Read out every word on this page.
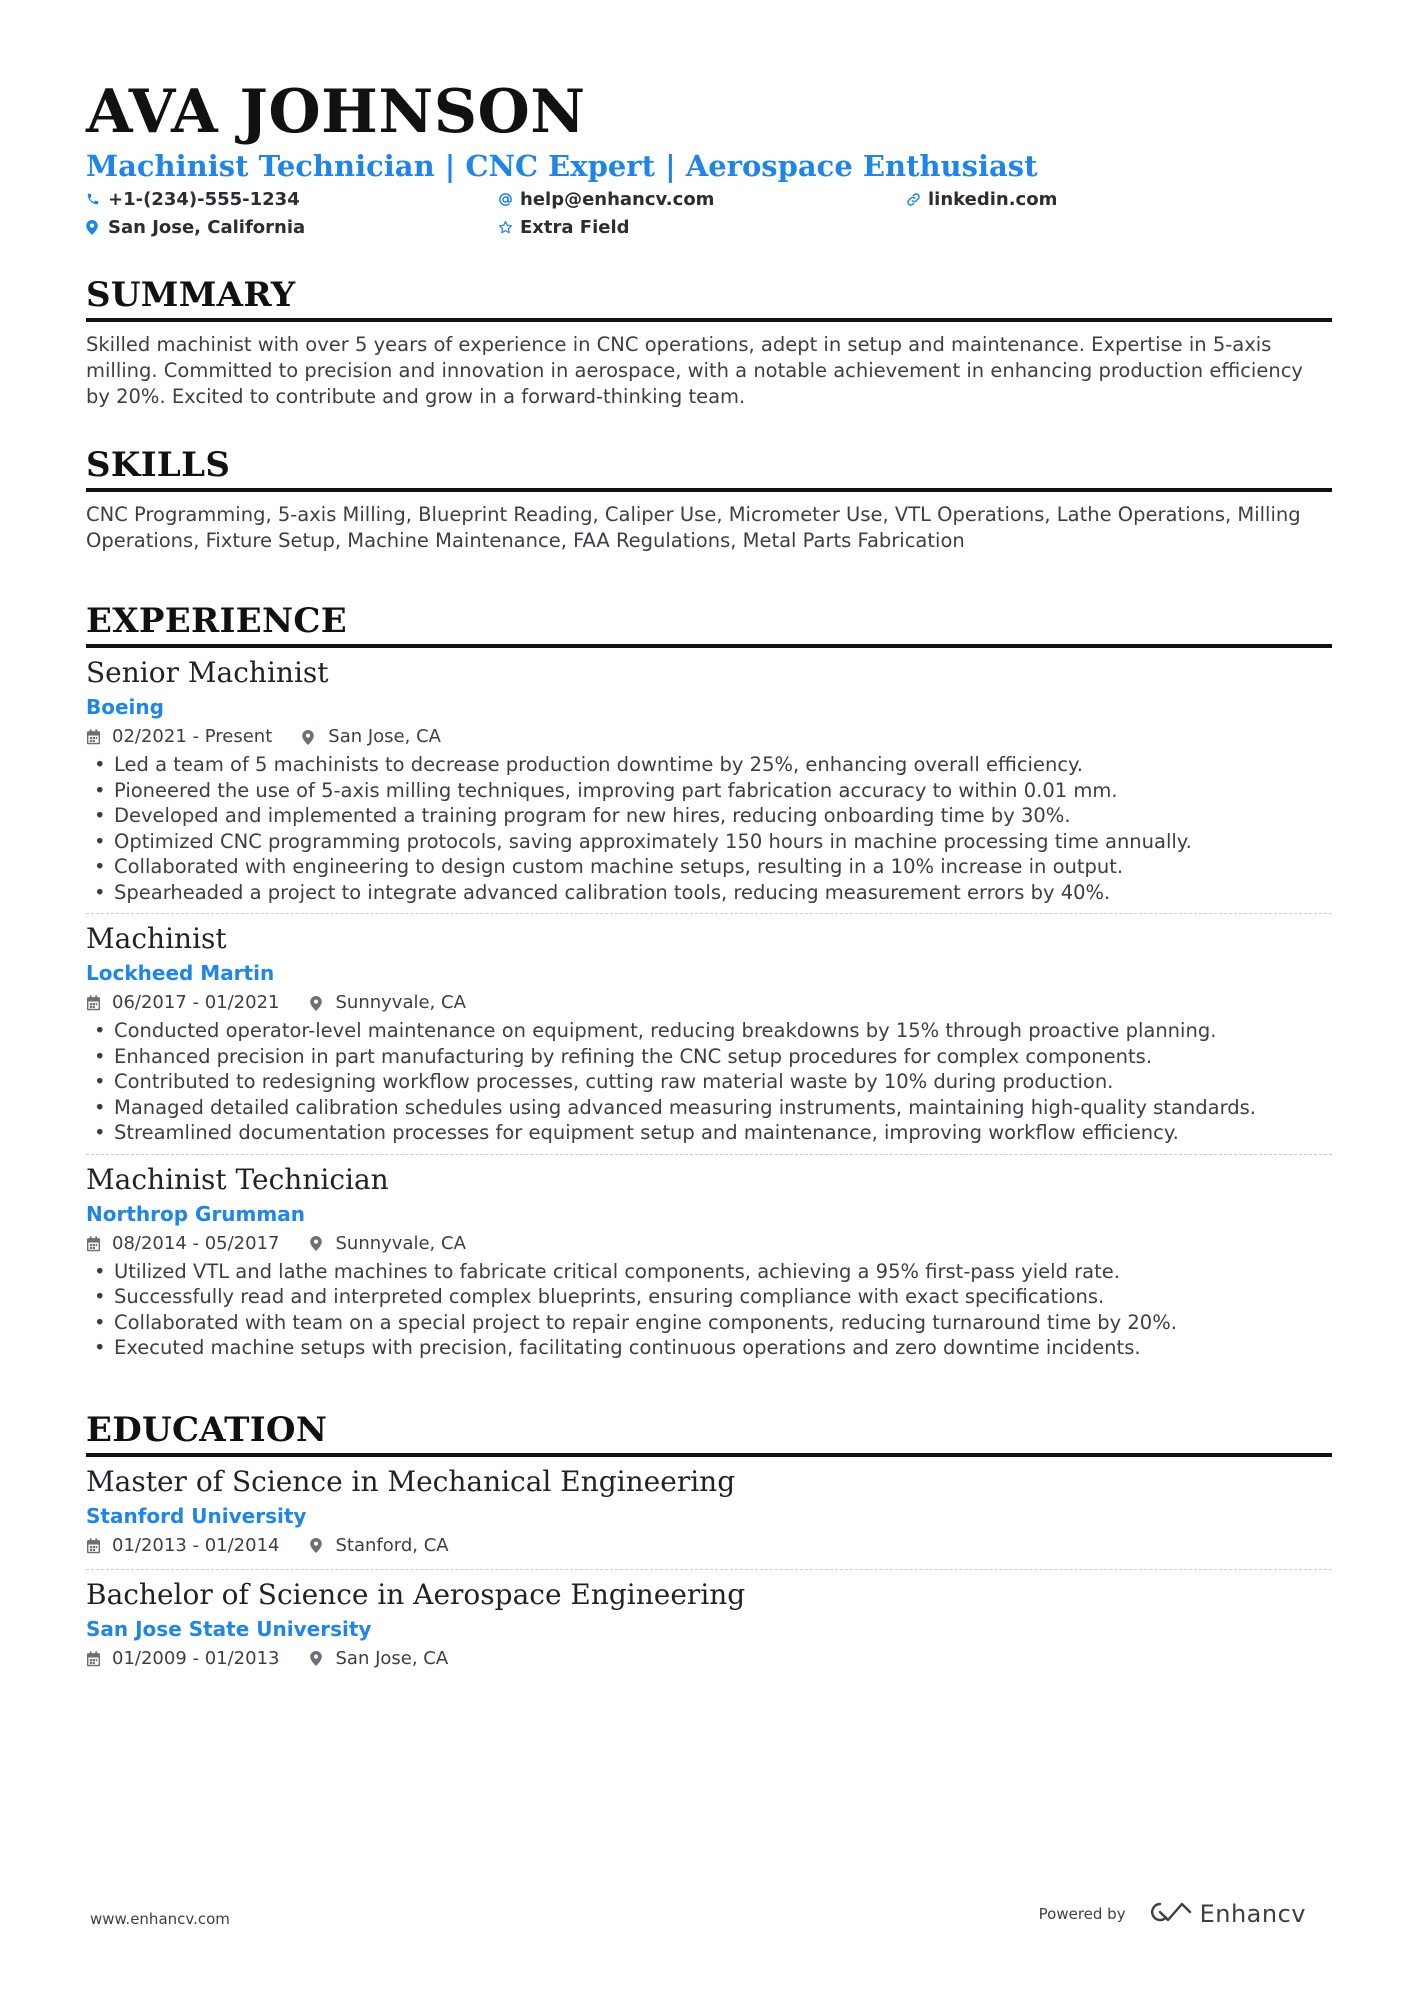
AVA JOHNSON

Machinist Technician | CNC Expert | Aerospace Enthusiast

+1-(234)-555-1234	help@enhancv.com	linkedin.com
San Jose, California	Extra Field
SUMMARY

Skilled machinist with over 5 years of experience in CNC operations, adept in setup and maintenance. Expertise in 5-axis milling. Committed to precision and innovation in aerospace, with a notable achievement in enhancing production efficiency by 20%. Excited to contribute and grow in a forward-thinking team.

SKILLS

CNC Programming, 5-axis Milling, Blueprint Reading, Caliper Use, Micrometer Use, VTL Operations, Lathe Operations, Milling Operations, Fixture Setup, Machine Maintenance, FAA Regulations, Metal Parts Fabrication

EXPERIENCE

Senior Machinist

Boeing
02/2021 - Present	San Jose, CA
• Led a team of 5 machinists to decrease production downtime by 25%, enhancing overall efficiency.
• Pioneered the use of 5-axis milling techniques, improving part fabrication accuracy to within 0.01 mm.
• Developed and implemented a training program for new hires, reducing onboarding time by 30%.
• Optimized CNC programming protocols, saving approximately 150 hours in machine processing time annually.
• Collaborated with engineering to design custom machine setups, resulting in a 10% increase in output.
• Spearheaded a project to integrate advanced calibration tools, reducing measurement errors by 40%.

Machinist

Lockheed Martin
06/2017 - 01/2021	Sunnyvale, CA
• Conducted operator-level maintenance on equipment, reducing breakdowns by 15% through proactive planning.
• Enhanced precision in part manufacturing by refining the CNC setup procedures for complex components.
• Contributed to redesigning workflow processes, cutting raw material waste by 10% during production.
• Managed detailed calibration schedules using advanced measuring instruments, maintaining high-quality standards.
• Streamlined documentation processes for equipment setup and maintenance, improving workflow efficiency.

Machinist Technician

Northrop Grumman
08/2014 - 05/2017	Sunnyvale, CA
• Utilized VTL and lathe machines to fabricate critical components, achieving a 95% first-pass yield rate.
• Successfully read and interpreted complex blueprints, ensuring compliance with exact specifications.
• Collaborated with team on a special project to repair engine components, reducing turnaround time by 20%.
• Executed machine setups with precision, facilitating continuous operations and zero downtime incidents.
EDUCATION

Master of Science in Mechanical Engineering

Stanford University
01/2013 - 01/2014	Stanford, CA

Bachelor of Science in Aerospace Engineering

San Jose State University
01/2009 - 01/2013	San Jose, CA
www.enhancv.com	Powered by	Enhancv
